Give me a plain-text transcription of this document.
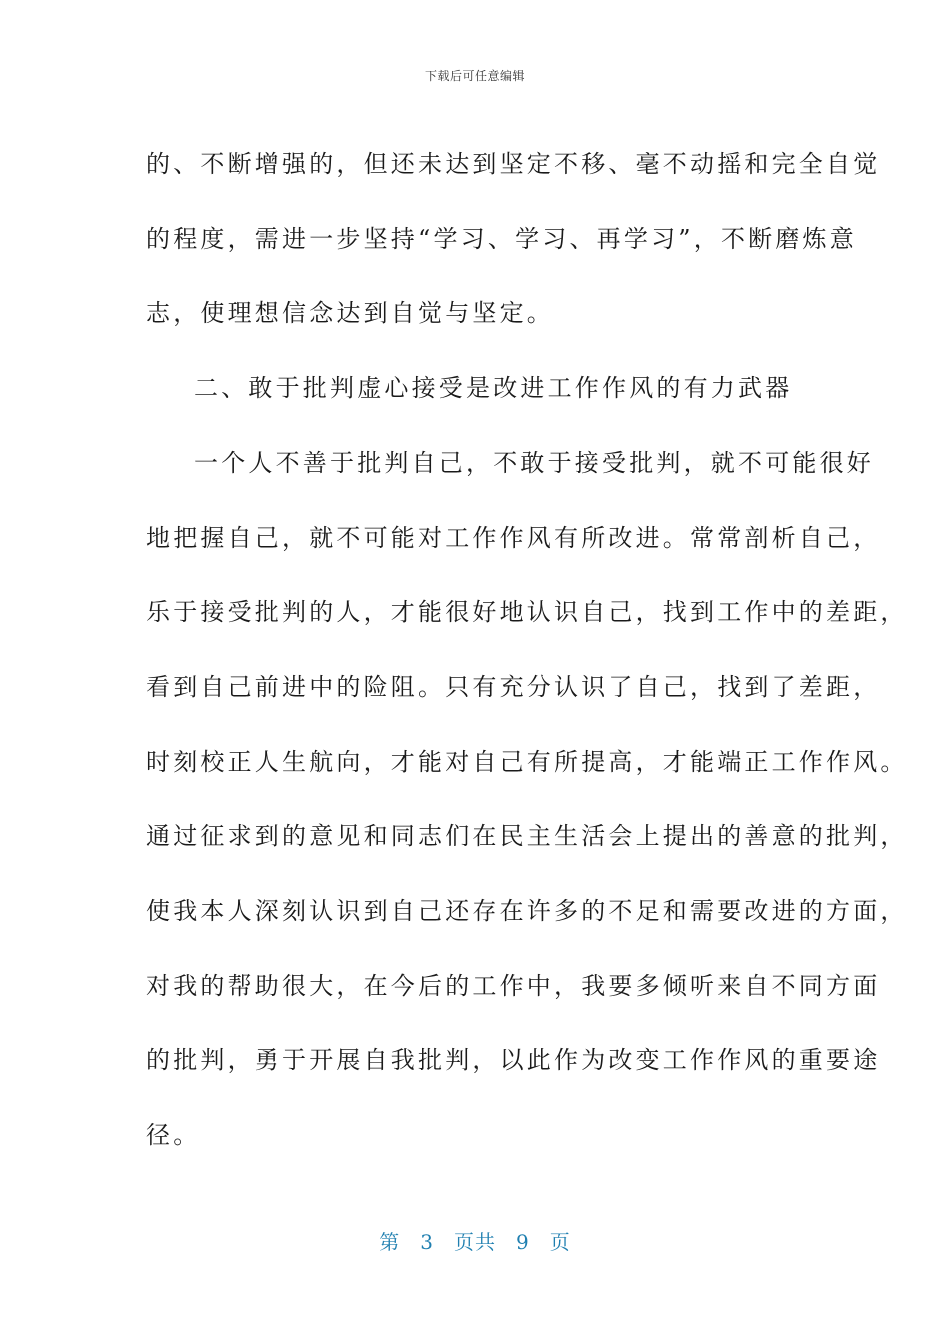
下载后可任意编辑
的、不断增强的，但还未达到坚定不移、毫不动摇和完全自觉
的程度，需进一步坚持“学习、学习、再学习”，不断磨炼意
志，使理想信念达到自觉与坚定。
二、敢于批判虚心接受是改进工作作风的有力武器
一个人不善于批判自己，不敢于接受批判，就不可能很好
地把握自己，就不可能对工作作风有所改进。常常剖析自己，
乐于接受批判的人，才能很好地认识自己，找到工作中的差距，
看到自己前进中的险阻。只有充分认识了自己，找到了差距，
时刻校正人生航向，才能对自己有所提高，才能端正工作作风。
通过征求到的意见和同志们在民主生活会上提出的善意的批判，
使我本人深刻认识到自己还存在许多的不足和需要改进的方面，
对我的帮助很大，在今后的工作中，我要多倾听来自不同方面
的批判，勇于开展自我批判，以此作为改变工作作风的重要途
径。
第 3 页共 9 页
